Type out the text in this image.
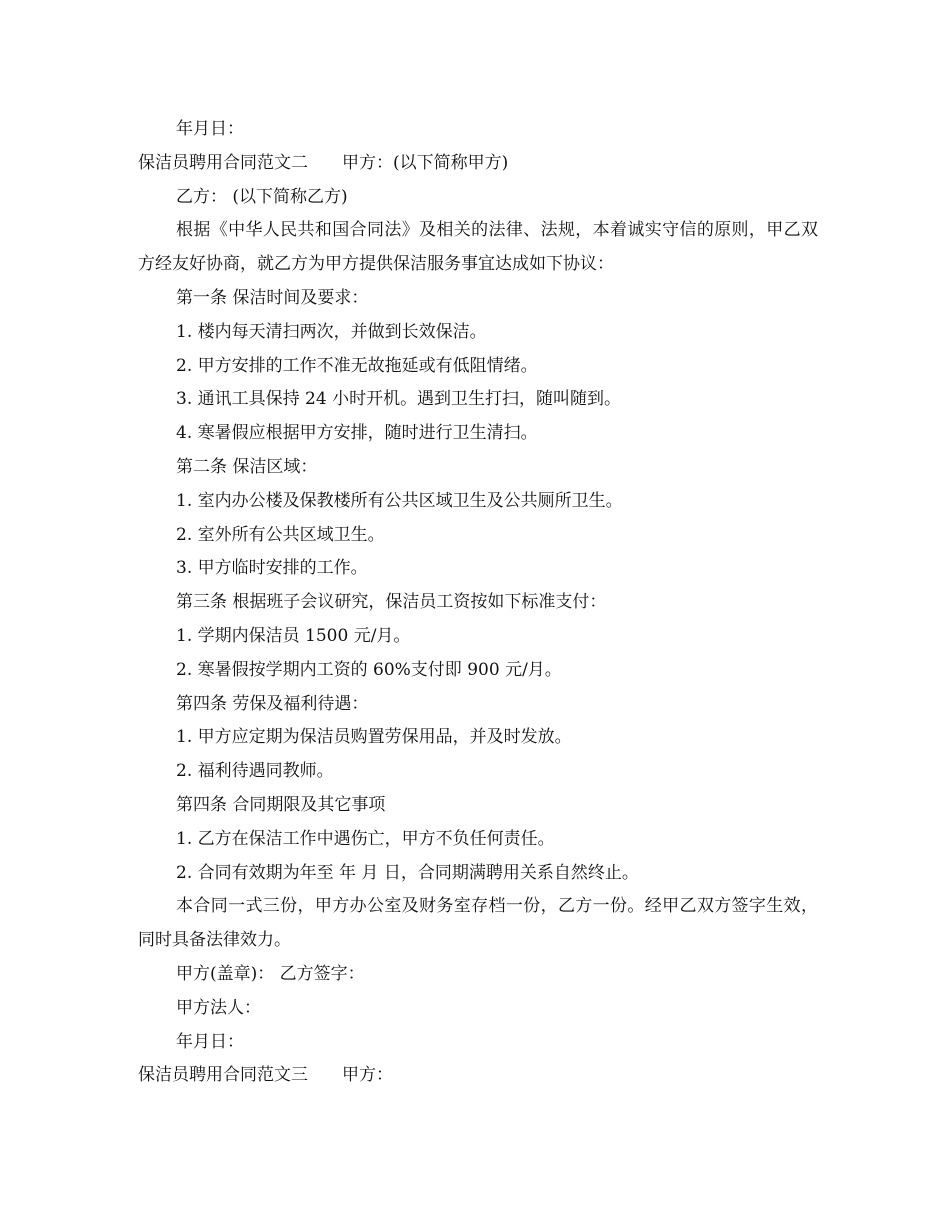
年月日：
保洁员聘用合同范文二 甲方：(以下简称甲方)
乙方： (以下简称乙方)
根据《中华人民共和国合同法》及相关的法律、法规，本着诚实守信的原则，甲乙双方经友好协商，就乙方为甲方提供保洁服务事宜达成如下协议：
第一条 保洁时间及要求：
1. 楼内每天清扫两次，并做到长效保洁。
2. 甲方安排的工作不准无故拖延或有低阻情绪。
3. 通讯工具保持 24 小时开机。遇到卫生打扫，随叫随到。
4. 寒暑假应根据甲方安排，随时进行卫生清扫。
第二条 保洁区域：
1. 室内办公楼及保教楼所有公共区域卫生及公共厕所卫生。
2. 室外所有公共区域卫生。
3. 甲方临时安排的工作。
第三条 根据班子会议研究，保洁员工资按如下标准支付：
1. 学期内保洁员 1500 元/月。
2. 寒暑假按学期内工资的 60%支付即 900 元/月。
第四条 劳保及福利待遇：
1. 甲方应定期为保洁员购置劳保用品，并及时发放。
2. 福利待遇同教师。
第四条 合同期限及其它事项
1. 乙方在保洁工作中遇伤亡，甲方不负任何责任。
2. 合同有效期为年至 年 月 日，合同期满聘用关系自然终止。
本合同一式三份，甲方办公室及财务室存档一份，乙方一份。经甲乙双方签字生效，同时具备法律效力。
甲方(盖章)： 乙方签字：
甲方法人：
年月日：
保洁员聘用合同范文三 甲方：
